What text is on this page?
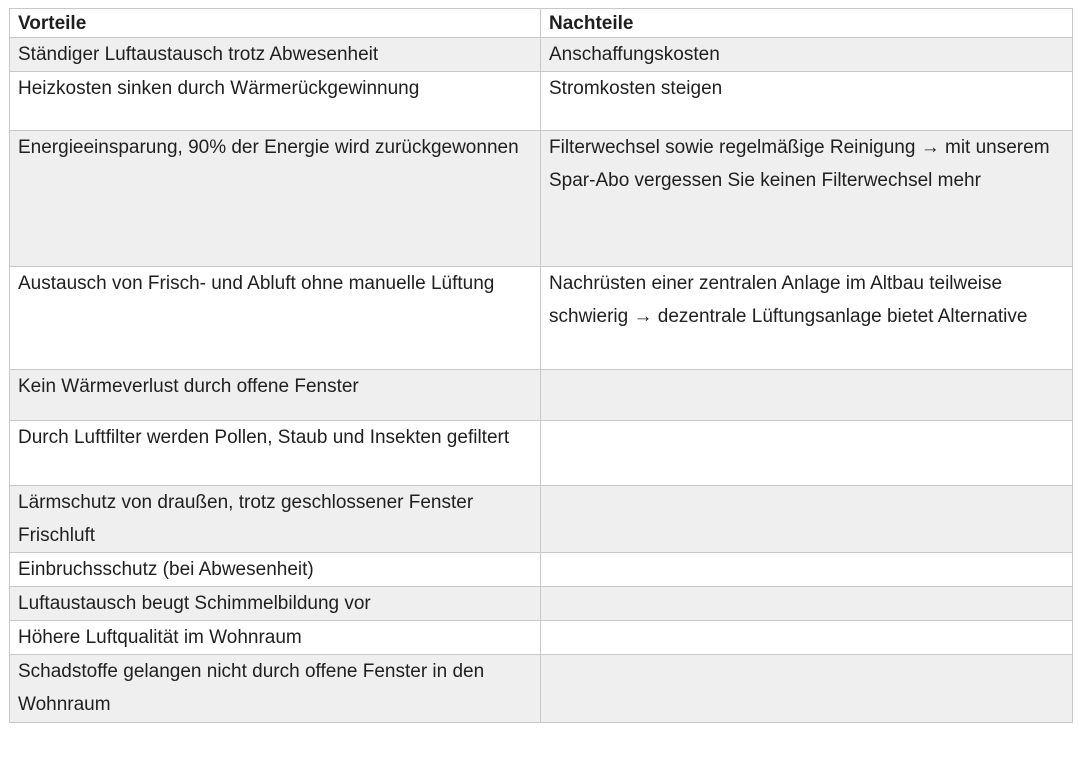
Vorteile	Nachteile
Ständiger Luftaustausch trotz Abwesenheit	Anschaffungskosten
Heizkosten sinken durch Wärmerückgewinnung	Stromkosten steigen
Energieeinsparung, 90% der Energie wird zurückgewonnen	Filterwechsel sowie regelmäßige Reinigung → mit unserem Spar-Abo vergessen Sie keinen Filterwechsel mehr
Austausch von Frisch- und Abluft ohne manuelle Lüftung	Nachrüsten einer zentralen Anlage im Altbau teilweise schwierig → dezentrale Lüftungsanlage bietet Alternative
Kein Wärmeverlust durch offene Fenster	
Durch Luftfilter werden Pollen, Staub und Insekten gefiltert	
Lärmschutz von draußen, trotz geschlossener Fenster Frischluft	
Einbruchsschutz (bei Abwesenheit)	
Luftaustausch beugt Schimmelbildung vor	
Höhere Luftqualität im Wohnraum	
Schadstoffe gelangen nicht durch offene Fenster in den Wohnraum	
